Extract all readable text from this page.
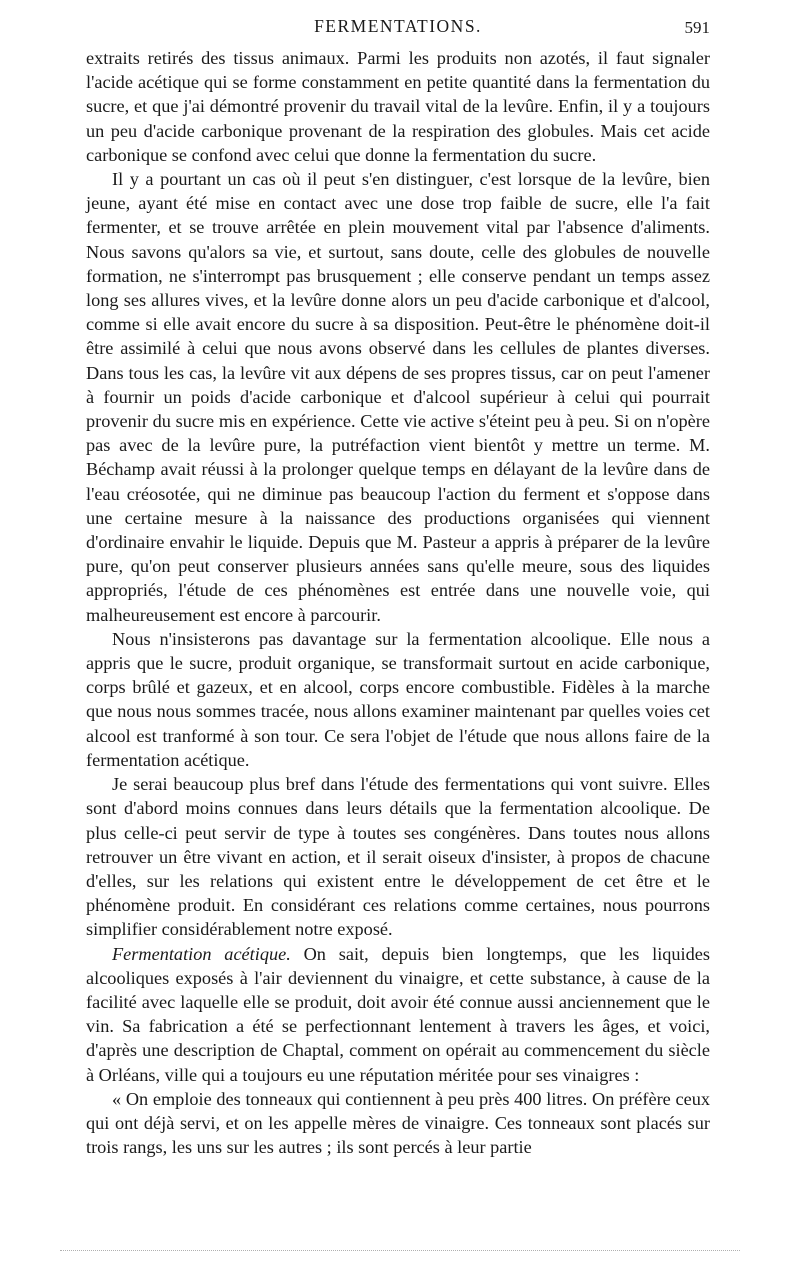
FERMENTATIONS.	591

extraits retirés des tissus animaux. Parmi les produits non azotés, il faut signaler l'acide acétique qui se forme constamment en petite quantité dans la fermentation du sucre, et que j'ai démontré provenir du travail vital de la levûre. Enfin, il y a toujours un peu d'acide carbonique provenant de la respiration des globules. Mais cet acide carbonique se confond avec celui que donne la fermentation du sucre.

Il y a pourtant un cas où il peut s'en distinguer, c'est lorsque de la levûre, bien jeune, ayant été mise en contact avec une dose trop faible de sucre, elle l'a fait fermenter, et se trouve arrêtée en plein mouvement vital par l'absence d'aliments. Nous savons qu'alors sa vie, et surtout, sans doute, celle des globules de nouvelle formation, ne s'interrompt pas brusquement ; elle conserve pendant un temps assez long ses allures vives, et la levûre donne alors un peu d'acide carbonique et d'alcool, comme si elle avait encore du sucre à sa disposition. Peut-être le phénomène doit-il être assimilé à celui que nous avons observé dans les cellules de plantes diverses. Dans tous les cas, la levûre vit aux dépens de ses propres tissus, car on peut l'amener à fournir un poids d'acide carbonique et d'alcool supérieur à celui qui pourrait provenir du sucre mis en expérience. Cette vie active s'éteint peu à peu. Si on n'opère pas avec de la levûre pure, la putréfaction vient bientôt y mettre un terme. M. Béchamp avait réussi à la prolonger quelque temps en délayant de la levûre dans de l'eau créosotée, qui ne diminue pas beaucoup l'action du ferment et s'oppose dans une certaine mesure à la naissance des productions organisées qui viennent d'ordinaire envahir le liquide. Depuis que M. Pasteur a appris à préparer de la levûre pure, qu'on peut conserver plusieurs années sans qu'elle meure, sous des liquides appropriés, l'étude de ces phénomènes est entrée dans une nouvelle voie, qui malheureusement est encore à parcourir.

Nous n'insisterons pas davantage sur la fermentation alcoolique. Elle nous a appris que le sucre, produit organique, se transformait surtout en acide carbonique, corps brûlé et gazeux, et en alcool, corps encore combustible. Fidèles à la marche que nous nous sommes tracée, nous allons examiner maintenant par quelles voies cet alcool est tranformé à son tour. Ce sera l'objet de l'étude que nous allons faire de la fermentation acétique.

Je serai beaucoup plus bref dans l'étude des fermentations qui vont suivre. Elles sont d'abord moins connues dans leurs détails que la fermentation alcoolique. De plus celle-ci peut servir de type à toutes ses congénères. Dans toutes nous allons retrouver un être vivant en action, et il serait oiseux d'insister, à propos de chacune d'elles, sur les relations qui existent entre le développement de cet être et le phénomène produit. En considérant ces relations comme certaines, nous pourrons simplifier considérablement notre exposé.

Fermentation acétique. On sait, depuis bien longtemps, que les liquides alcooliques exposés à l'air deviennent du vinaigre, et cette substance, à cause de la facilité avec laquelle elle se produit, doit avoir été connue aussi anciennement que le vin. Sa fabrication a été se perfectionnant lentement à travers les âges, et voici, d'après une description de Chaptal, comment on opérait au commencement du siècle à Orléans, ville qui a toujours eu une réputation méritée pour ses vinaigres :

« On emploie des tonneaux qui contiennent à peu près 400 litres. On préfère ceux qui ont déjà servi, et on les appelle mères de vinaigre. Ces tonneaux sont placés sur trois rangs, les uns sur les autres ; ils sont percés à leur partie
